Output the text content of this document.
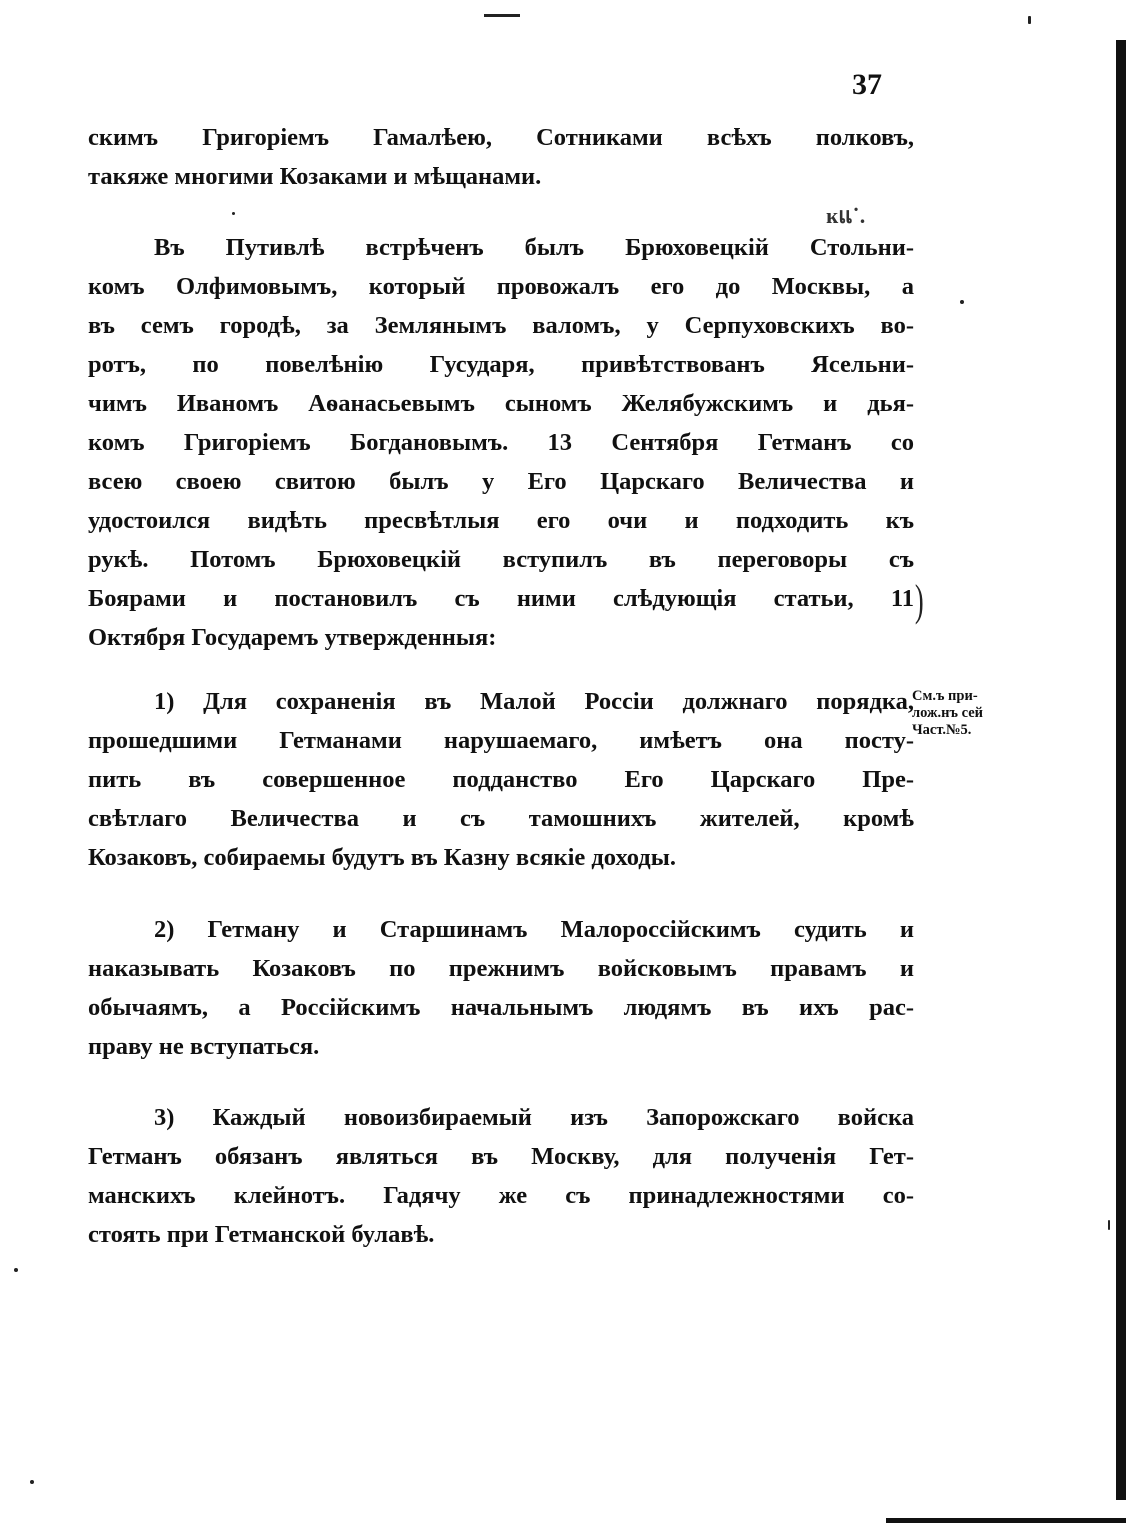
37
скимъ Григоріемъ Гамалѣею, Сотниками всѣхъ полковъ,
такяже многими Козаками и мѣщанами.
ĸแ˙.
Въ Путивлѣ встрѣченъ былъ Брюховецкій Стольни-
комъ Олфимовымъ, который провожалъ его до Москвы, а
въ семъ городѣ, за Землянымъ валомъ, у Серпуховскихъ во-
ротъ, по повелѣнію Гусударя, привѣтствованъ Ясельни-
чимъ Иваномъ Аѳанасьевымъ сыномъ Желябужскимъ и дья-
комъ Григоріемъ Богдановымъ. 13 Сентября Гетманъ со
всею своею свитою былъ у Его Царскаго Величества и
удостоился видѣть пресвѣтлыя его очи и подходить къ
рукѣ. Потомъ Брюховецкій вступилъ въ переговоры съ
Боярами и постановилъ съ ними слѣдующія статьи, 11
Октября Государемъ утвержденныя:
)
1) Для сохраненія въ Малой Россіи должнаго порядка,
прошедшими Гетманами нарушаемаго, имѣетъ она посту-
пить въ совершенное подданство Его Царскаго Пре-
свѣтлаго Величества и съ тамошнихъ жителей, кромѣ
Козаковъ, собираемы будутъ въ Казну всякіе доходы.
См.ъ при-
лож.нъ сей
Част.№5.
2) Гетману и Старшинамъ Малороссійскимъ судить и
наказывать Козаковъ по прежнимъ войсковымъ правамъ и
обычаямъ, а Россійскимъ начальнымъ людямъ въ ихъ рас-
праву не вступаться.
3) Каждый новоизбираемый изъ Запорожскаго войска
Гетманъ обязанъ являться въ Москву, для полученія Гет-
манскихъ клейнотъ. Гадячу же съ принадлежностями со-
стоять при Гетманской булавѣ.
